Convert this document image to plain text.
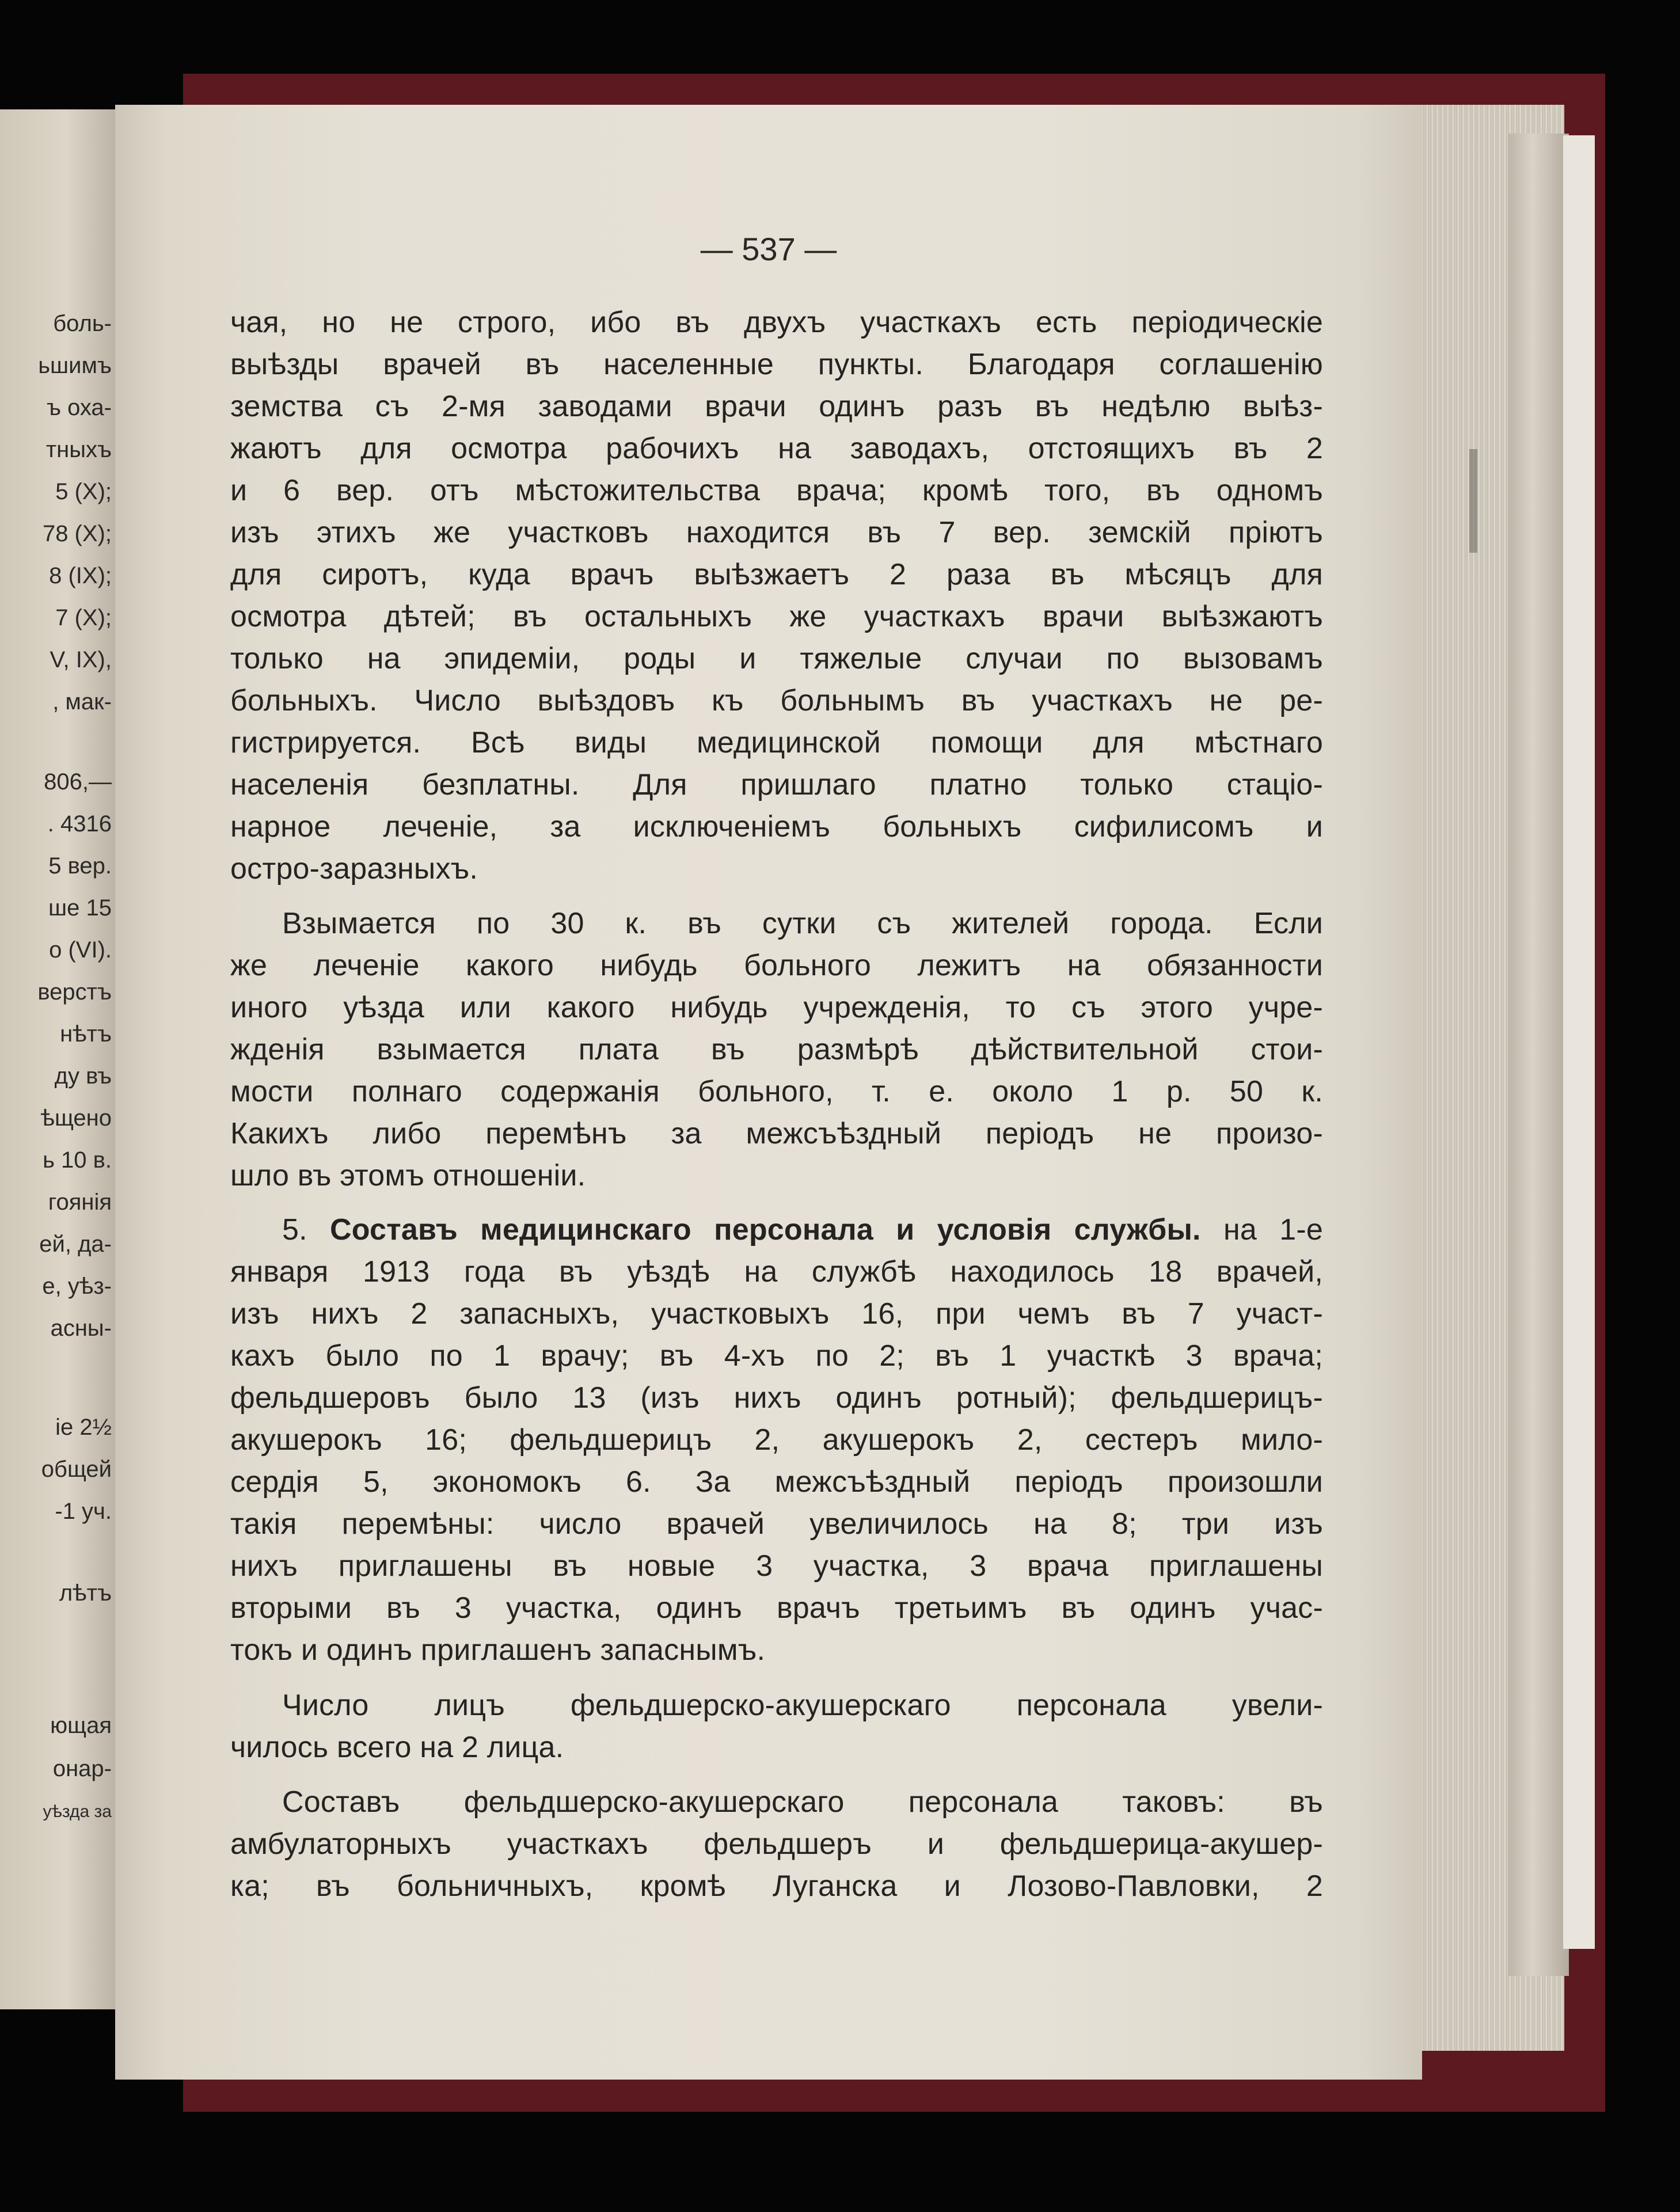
боль-
ьшимъ
ъ оха-
тныхъ
5 (X);
78 (X);
8 (IX);
7 (X);
V, IX),
, мак-
806,—
. 4316
5 вер.
ше 15
о (VI).
верстъ
нѣтъ
ду въ
ѣщено
ь 10 в.
гоянія
ей, да-
е, уѣз-
асны-
іе 2½
общей
-1 уч.
лѣтъ
ющая
онар-
уѣзда за
— 537 —
чая, но не строго, ибо въ двухъ участкахъ есть періодическіе
выѣзды врачей въ населенные пункты. Благодаря соглашенію
земства съ 2-мя заводами врачи одинъ разъ въ недѣлю выѣз-
жаютъ для осмотра рабочихъ на заводахъ, отстоящихъ въ 2
и 6 вер. отъ мѣстожительства врача; кромѣ того, въ одномъ
изъ этихъ же участковъ находится въ 7 вер. земскій пріютъ
для сиротъ, куда врачъ выѣзжаетъ 2 раза въ мѣсяцъ для
осмотра дѣтей; въ остальныхъ же участкахъ врачи выѣзжаютъ
только на эпидеміи, роды и тяжелые случаи по вызовамъ
больныхъ. Число выѣздовъ къ больнымъ въ участкахъ не ре-
гистрируется. Всѣ виды медицинской помощи для мѣстнаго
населенія безплатны. Для пришлаго платно только стаціо-
нарное леченіе, за исключеніемъ больныхъ сифилисомъ и
остро-заразныхъ.
Взымается по 30 к. въ сутки съ жителей города. Если
же леченіе какого нибудь больного лежитъ на обязанности
иного уѣзда или какого нибудь учрежденія, то съ этого учре-
жденія взымается плата въ размѣрѣ дѣйствительной стои-
мости полнаго содержанія больного, т. е. около 1 р. 50 к.
Какихъ либо перемѣнъ за межсъѣздный періодъ не произо-
шло въ этомъ отношеніи.
5. Составъ медицинскаго персонала и условія службы. на 1-е
января 1913 года въ уѣздѣ на службѣ находилось 18 врачей,
изъ нихъ 2 запасныхъ, участковыхъ 16, при чемъ въ 7 участ-
кахъ было по 1 врачу; въ 4-хъ по 2; въ 1 участкѣ 3 врача;
фельдшеровъ было 13 (изъ нихъ одинъ ротный); фельдшерицъ-
акушерокъ 16; фельдшерицъ 2, акушерокъ 2, сестеръ мило-
сердія 5, экономокъ 6. За межсъѣздный періодъ произошли
такія перемѣны: число врачей увеличилось на 8; три изъ
нихъ приглашены въ новые 3 участка, 3 врача приглашены
вторыми въ 3 участка, одинъ врачъ третьимъ въ одинъ учас-
токъ и одинъ приглашенъ запаснымъ.
Число лицъ фельдшерско-акушерскаго персонала увели-
чилось всего на 2 лица.
Составъ фельдшерско-акушерскаго персонала таковъ: въ
амбулаторныхъ участкахъ фельдшеръ и фельдшерица-акушер-
ка; въ больничныхъ, кромѣ Луганска и Лозово-Павловки, 2
